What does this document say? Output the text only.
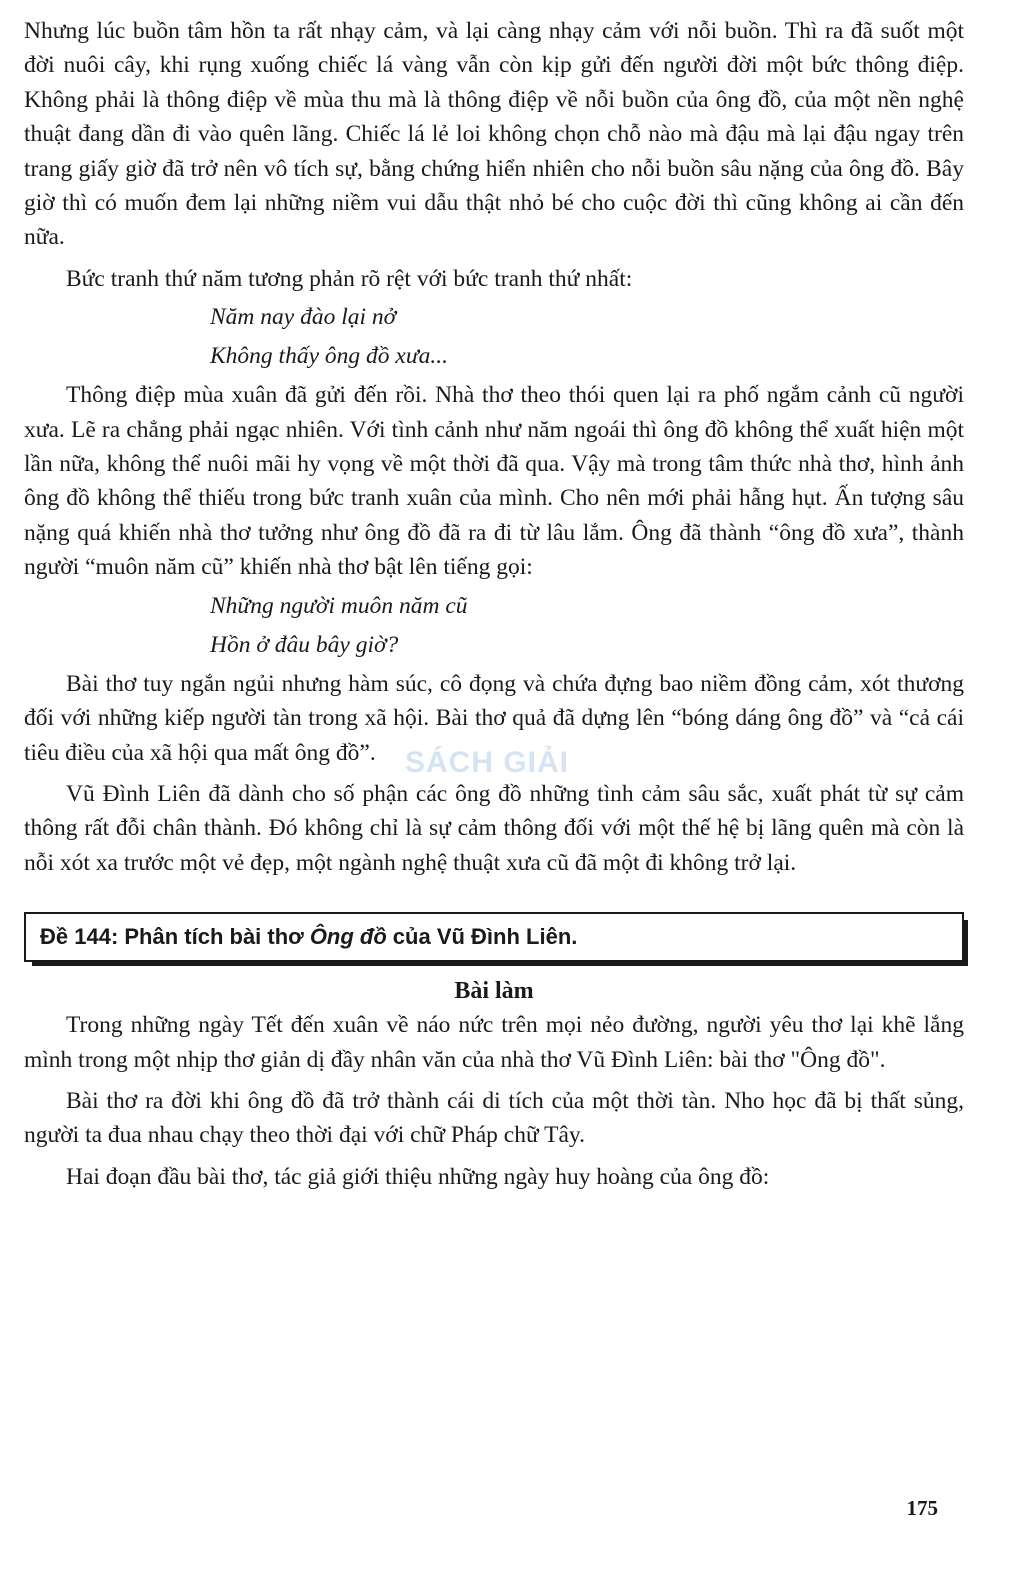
Nhưng lúc buồn tâm hồn ta rất nhạy cảm, và lại càng nhạy cảm với nỗi buồn. Thì ra đã suốt một đời nuôi cây, khi rụng xuống chiếc lá vàng vẫn còn kịp gửi đến người đời một bức thông điệp. Không phải là thông điệp về mùa thu mà là thông điệp về nỗi buồn của ông đồ, của một nền nghệ thuật đang dần đi vào quên lãng. Chiếc lá lẻ loi không chọn chỗ nào mà đậu mà lại đậu ngay trên trang giấy giờ đã trở nên vô tích sự, bằng chứng hiển nhiên cho nỗi buồn sâu nặng của ông đồ. Bây giờ thì có muốn đem lại những niềm vui dẫu thật nhỏ bé cho cuộc đời thì cũng không ai cần đến nữa.

Bức tranh thứ năm tương phản rõ rệt với bức tranh thứ nhất:

Năm nay đào lại nở

Không thấy ông đồ xưa...

Thông điệp mùa xuân đã gửi đến rồi. Nhà thơ theo thói quen lại ra phố ngắm cảnh cũ người xưa. Lẽ ra chẳng phải ngạc nhiên. Với tình cảnh như năm ngoái thì ông đồ không thể xuất hiện một lần nữa, không thể nuôi mãi hy vọng về một thời đã qua. Vậy mà trong tâm thức nhà thơ, hình ảnh ông đồ không thể thiếu trong bức tranh xuân của mình. Cho nên mới phải hẫng hụt. Ấn tượng sâu nặng quá khiến nhà thơ tưởng như ông đồ đã ra đi từ lâu lắm. Ông đã thành “ông đồ xưa”, thành người “muôn năm cũ” khiến nhà thơ bật lên tiếng gọi:

Những người muôn năm cũ

Hồn ở đâu bây giờ?

Bài thơ tuy ngắn ngủi nhưng hàm súc, cô đọng và chứa đựng bao niềm đồng cảm, xót thương đối với những kiếp người tàn trong xã hội. Bài thơ quả đã dựng lên “bóng dáng ông đồ” và “cả cái tiêu điều của xã hội qua mất ông đồ”.

Vũ Đình Liên đã dành cho số phận các ông đồ những tình cảm sâu sắc, xuất phát từ sự cảm thông rất đỗi chân thành. Đó không chỉ là sự cảm thông đối với một thế hệ bị lãng quên mà còn là nỗi xót xa trước một vẻ đẹp, một ngành nghệ thuật xưa cũ đã một đi không trở lại.

Đề 144: Phân tích bài thơ Ông đồ của Vũ Đình Liên.
Bài làm

Trong những ngày Tết đến xuân về náo nức trên mọi nẻo đường, người yêu thơ lại khẽ lắng mình trong một nhịp thơ giản dị đầy nhân văn của nhà thơ Vũ Đình Liên: bài thơ "Ông đồ".

Bài thơ ra đời khi ông đồ đã trở thành cái di tích của một thời tàn. Nho học đã bị thất sủng, người ta đua nhau chạy theo thời đại với chữ Pháp chữ Tây.

Hai đoạn đầu bài thơ, tác giả giới thiệu những ngày huy hoàng của ông đồ:

SÁCH GIẢI
175
